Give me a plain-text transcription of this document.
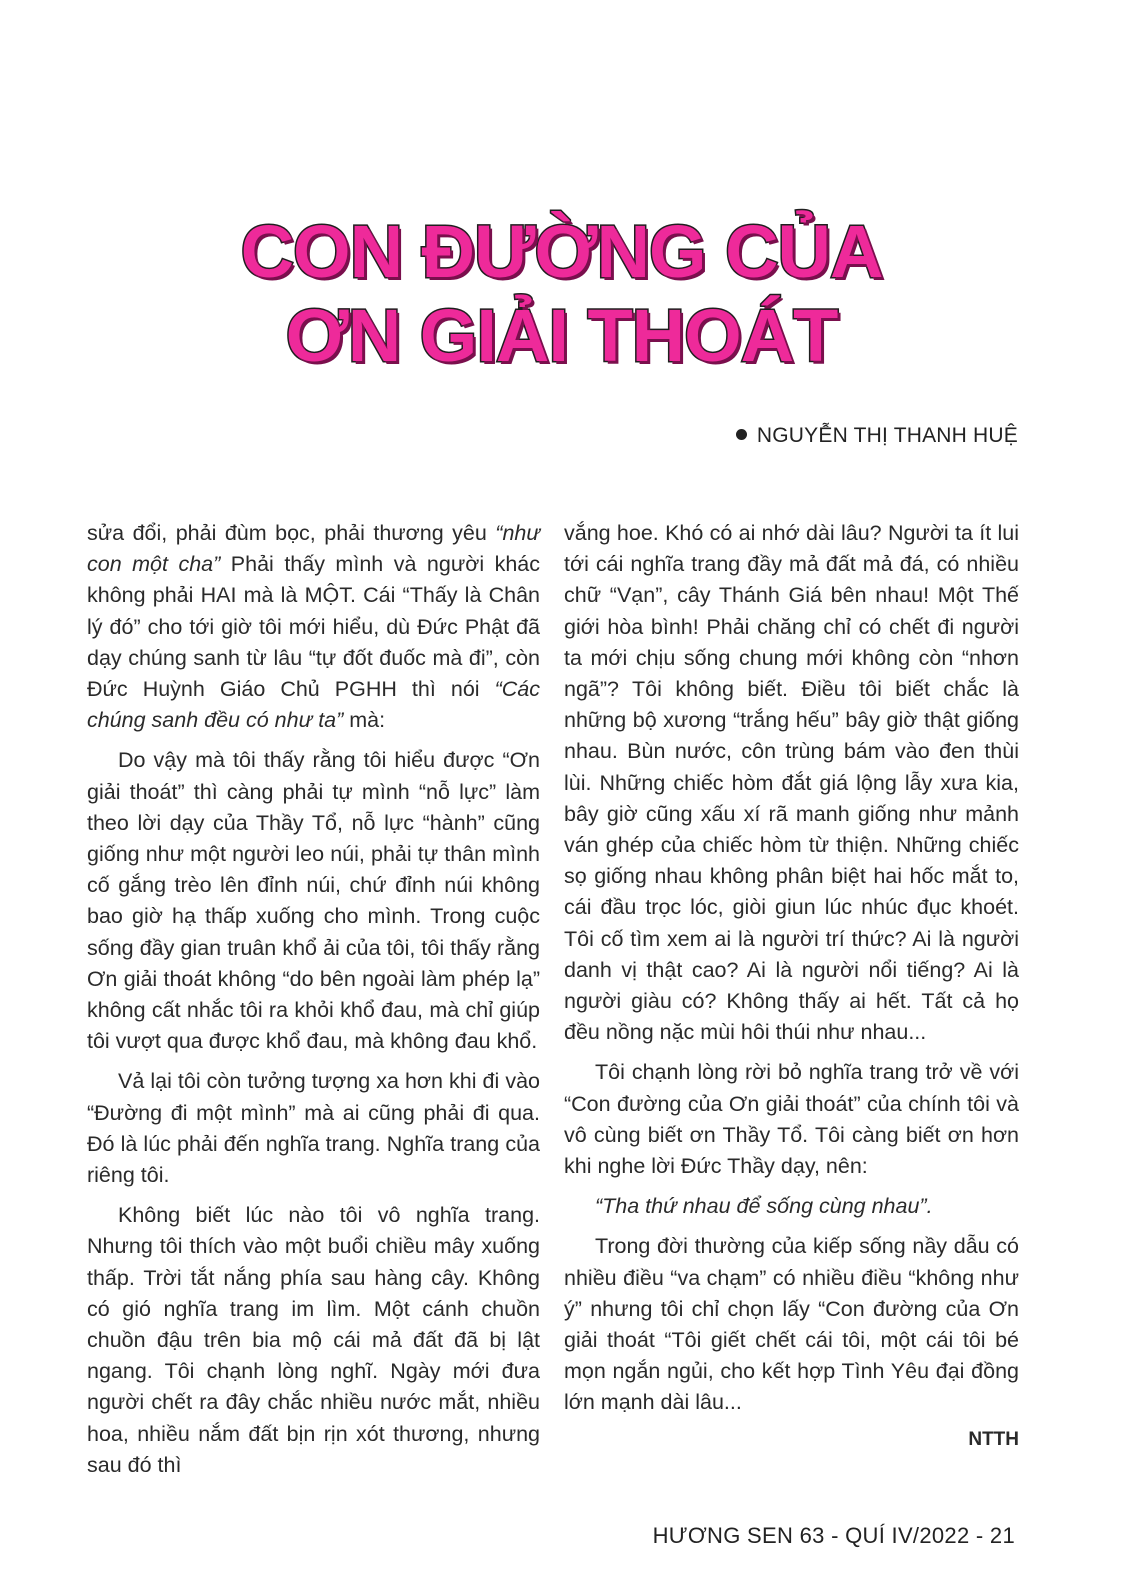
CON ĐƯỜNG CỦA
ƠN GIẢI THOÁT
NGUYỄN THỊ THANH HUỆ

sửa đổi, phải đùm bọc, phải thương yêu “như con một cha” Phải thấy mình và người khác không phải HAI mà là MỘT. Cái “Thấy là Chân lý đó” cho tới giờ tôi mới hiểu, dù Đức Phật đã dạy chúng sanh từ lâu “tự đốt đuốc mà đi”, còn Đức Huỳnh Giáo Chủ PGHH thì nói “Các chúng sanh đều có như ta” mà:

Do vậy mà tôi thấy rằng tôi hiểu được “Ơn giải thoát” thì càng phải tự mình “nỗ lực” làm theo lời dạy của Thầy Tổ, nỗ lực “hành” cũng giống như một người leo núi, phải tự thân mình cố gắng trèo lên đỉnh núi, chứ đỉnh núi không bao giờ hạ thấp xuống cho mình. Trong cuộc sống đầy gian truân khổ ải của tôi, tôi thấy rằng Ơn giải thoát không “do bên ngoài làm phép lạ” không cất nhắc tôi ra khỏi khổ đau, mà chỉ giúp tôi vượt qua được khổ đau, mà không đau khổ.

Vả lại tôi còn tưởng tượng xa hơn khi đi vào “Đường đi một mình” mà ai cũng phải đi qua. Đó là lúc phải đến nghĩa trang. Nghĩa trang của riêng tôi.

Không biết lúc nào tôi vô nghĩa trang. Nhưng tôi thích vào một buổi chiều mây xuống thấp. Trời tắt nắng phía sau hàng cây. Không có gió nghĩa trang im lìm. Một cánh chuồn chuồn đậu trên bia mộ cái mả đất đã bị lật ngang. Tôi chạnh lòng nghĩ. Ngày mới đưa người chết ra đây chắc nhiều nước mắt, nhiều hoa, nhiều nắm đất bịn rịn xót thương, nhưng sau đó thì

vắng hoe. Khó có ai nhớ dài lâu? Người ta ít lui tới cái nghĩa trang đầy mả đất mả đá, có nhiều chữ “Vạn”, cây Thánh Giá bên nhau! Một Thế giới hòa bình! Phải chăng chỉ có chết đi người ta mới chịu sống chung mới không còn “nhơn ngã”? Tôi không biết. Điều tôi biết chắc là những bộ xương “trắng hếu” bây giờ thật giống nhau. Bùn nước, côn trùng bám vào đen thùi lùi. Những chiếc hòm đắt giá lộng lẫy xưa kia, bây giờ cũng xấu xí rã manh giống như mảnh ván ghép của chiếc hòm từ thiện. Những chiếc sọ giống nhau không phân biệt hai hốc mắt to, cái đầu trọc lóc, giòi giun lúc nhúc đục khoét. Tôi cố tìm xem ai là người trí thức? Ai là người danh vị thật cao? Ai là người nổi tiếng? Ai là người giàu có? Không thấy ai hết. Tất cả họ đều nồng nặc mùi hôi thúi như nhau...

Tôi chạnh lòng rời bỏ nghĩa trang trở về với “Con đường của Ơn giải thoát” của chính tôi và vô cùng biết ơn Thầy Tổ. Tôi càng biết ơn hơn khi nghe lời Đức Thầy dạy, nên:

“Tha thứ nhau để sống cùng nhau”.

Trong đời thường của kiếp sống nầy dẫu có nhiều điều “va chạm” có nhiều điều “không như ý” nhưng tôi chỉ chọn lấy “Con đường của Ơn giải thoát “Tôi giết chết cái tôi, một cái tôi bé mọn ngắn ngủi, cho kết hợp Tình Yêu đại đồng lớn mạnh dài lâu...

NTTH
HƯƠNG SEN 63 - QUÍ IV/2022 - 21
